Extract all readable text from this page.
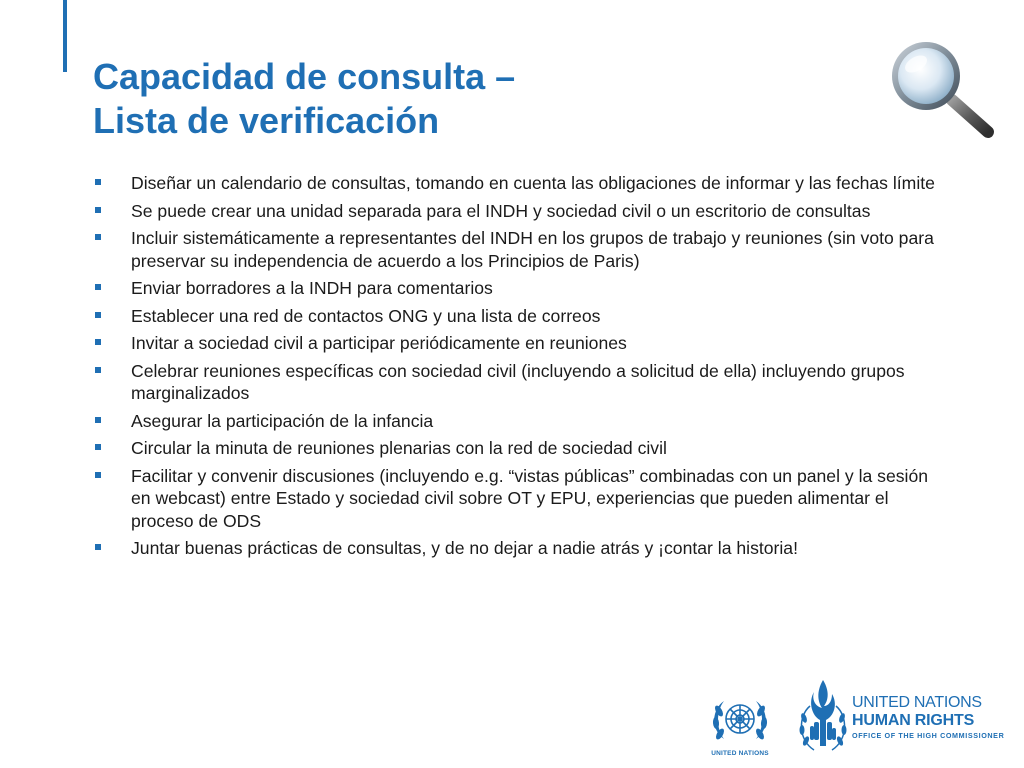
Capacidad de consulta –
Lista de verificación
Diseñar un calendario de consultas, tomando en cuenta las obligaciones de informar y las fechas límite
Se puede crear una unidad separada para el INDH y sociedad civil o un escritorio de consultas
Incluir sistemáticamente a representantes del INDH en los grupos de trabajo y reuniones (sin voto para preservar su independencia de acuerdo a los Principios de Paris)
Enviar borradores a la INDH para comentarios
Establecer una red de contactos ONG y una lista de correos
Invitar a sociedad civil a participar periódicamente en reuniones
Celebrar reuniones específicas con sociedad civil (incluyendo a solicitud de ella) incluyendo grupos marginalizados
Asegurar la participación de la infancia
Circular la minuta de reuniones plenarias con la red de sociedad civil
Facilitar y convenir discusiones (incluyendo e.g. “vistas públicas” combinadas con un panel y la sesión en webcast) entre Estado y sociedad civil sobre OT y EPU, experiencias que pueden alimentar el proceso de ODS
Juntar buenas prácticas de consultas, y de no dejar a nadie atrás y ¡contar la historia!
UNITED NATIONS
UNITED NATIONS
HUMAN RIGHTS
OFFICE OF THE HIGH COMMISSIONER
